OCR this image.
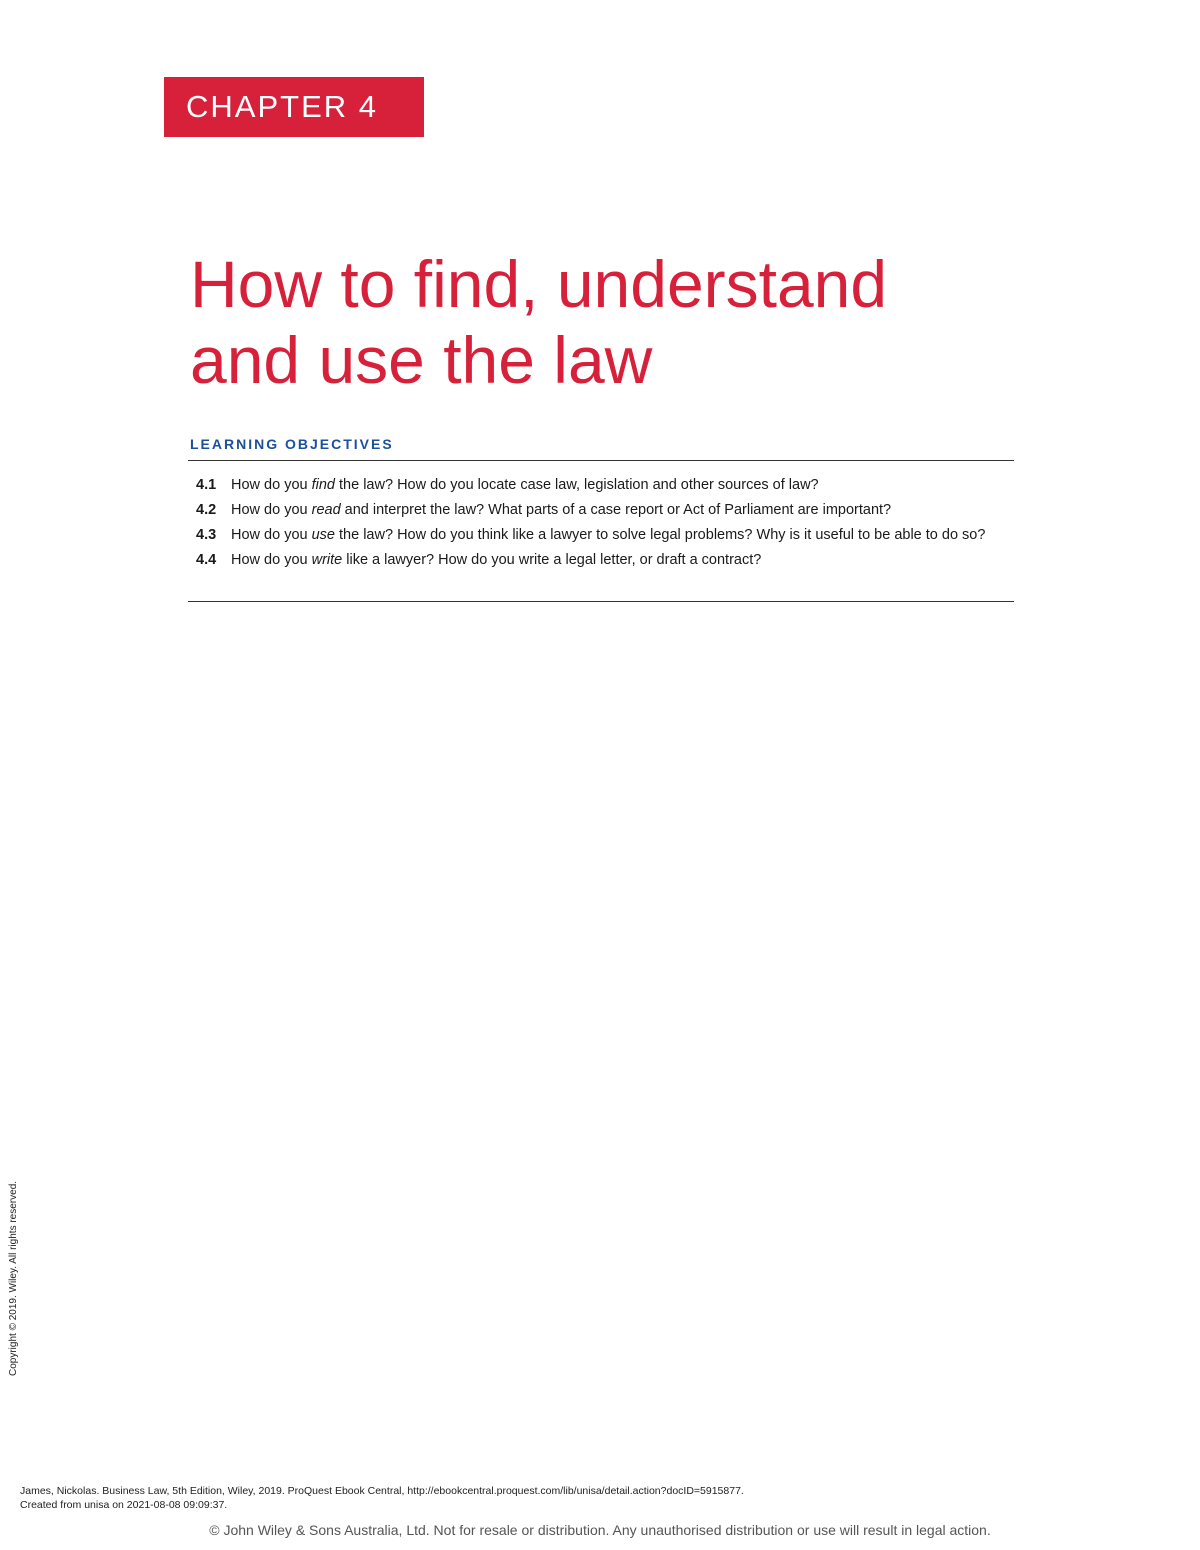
CHAPTER 4
How to find, understand
and use the law
LEARNING OBJECTIVES
4.1	How do you find the law? How do you locate case law, legislation and other sources of law?
4.2	How do you read and interpret the law? What parts of a case report or Act of Parliament are important?
4.3	How do you use the law? How do you think like a lawyer to solve legal problems? Why is it useful to be able to do so?
4.4	How do you write like a lawyer? How do you write a legal letter, or draft a contract?
Copyright © 2019. Wiley. All rights reserved.
James, Nickolas. Business Law, 5th Edition, Wiley, 2019. ProQuest Ebook Central, http://ebookcentral.proquest.com/lib/unisa/detail.action?docID=5915877.
Created from unisa on 2021-08-08 09:09:37.
© John Wiley & Sons Australia, Ltd. Not for resale or distribution. Any unauthorised distribution or use will result in legal action.
